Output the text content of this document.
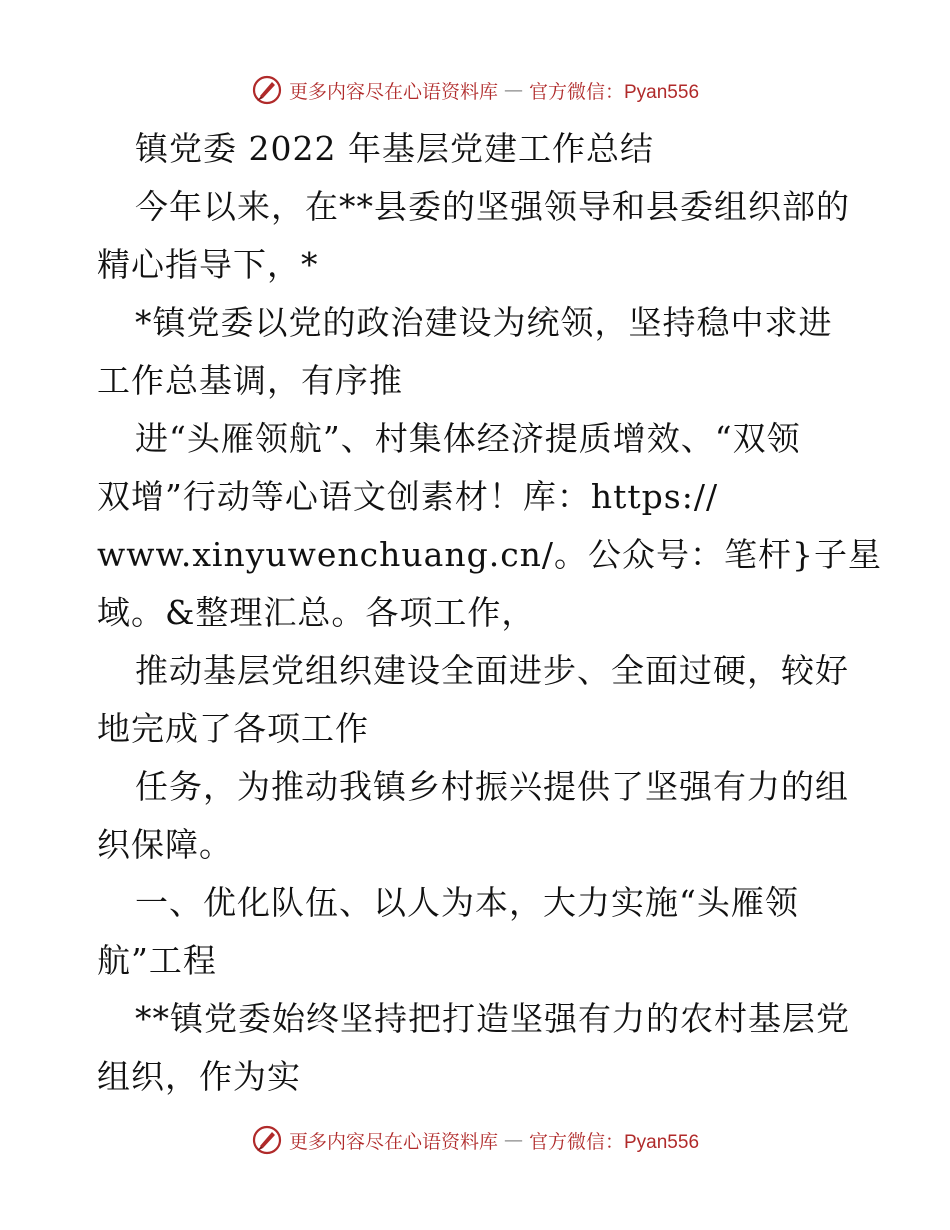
更多内容尽在心语资料库 — 官方微信：Pyan556

镇党委 2022 年基层党建工作总结

今年以来，在**县委的坚强领导和县委组织部的
精心指导下，*

*镇党委以党的政治建设为统领，坚持稳中求进
工作总基调，有序推

进“头雁领航”、村集体经济提质增效、“双领
双增”行动等心语文创素材！库：https://
www.xinyuwenchuang.cn/。公众号：笔杆}子星
域。&整理汇总。各项工作，

推动基层党组织建设全面进步、全面过硬，较好
地完成了各项工作

任务，为推动我镇乡村振兴提供了坚强有力的组
织保障。

一、优化队伍、以人为本，大力实施“头雁领
航”工程

**镇党委始终坚持把打造坚强有力的农村基层党
组织，作为实

更多内容尽在心语资料库 — 官方微信：Pyan556
